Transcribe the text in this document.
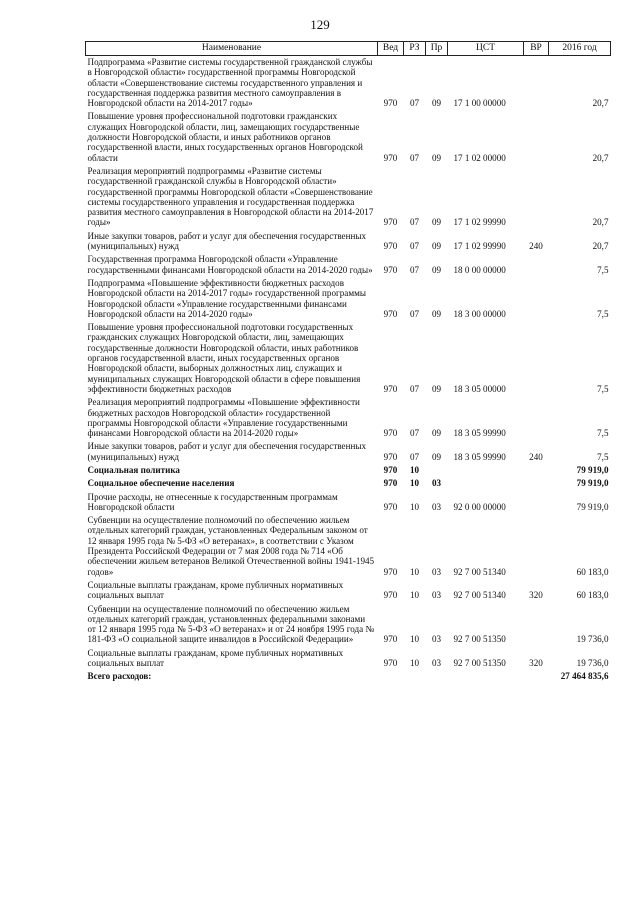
129
Наименование	Вед	РЗ	Пр	ЦСТ	ВР	2016 год
Подпрограмма «Развитие системы государственной гражданской службы в Новгородской области» государственной программы Новгородской области «Совершенствование системы государственного управления и государственная поддержка развития местного самоуправления в Новгородской области на 2014-2017 годы»	970	07	09	17 1 00 00000		20,7
Повышение уровня профессиональной подготовки гражданских служащих Новгородской области, лиц, замещающих государственные должности Новгородской области, и иных работников органов государственной власти, иных государственных органов Новгородской области	970	07	09	17 1 02 00000		20,7
Реализация мероприятий подпрограммы «Развитие системы государственной гражданской службы в Новгородской области» государственной программы Новгородской области «Совершенствование системы государственного управления и государственная поддержка развития местного самоуправления в Новгородской области на 2014-2017 годы»	970	07	09	17 1 02 99990		20,7
Иные закупки товаров, работ и услуг для обеспечения государственных (муниципальных) нужд	970	07	09	17 1 02 99990	240	20,7
Государственная программа Новгородской области «Управление государственными финансами Новгородской области на 2014-2020 годы»	970	07	09	18 0 00 00000		7,5
Подпрограмма «Повышение эффективности бюджетных расходов Новгородской области на 2014-2017 годы» государственной программы Новгородской области «Управление государственными финансами Новгородской области на 2014-2020 годы»	970	07	09	18 3 00 00000		7,5
Повышение уровня профессиональной подготовки государственных гражданских служащих Новгородской области, лиц, замещающих государственные должности Новгородской области, иных работников органов государственной власти, иных государственных органов Новгородской области, выборных должностных лиц, служащих и муниципальных служащих Новгородской области в сфере повышения эффективности бюджетных расходов	970	07	09	18 3 05 00000		7,5
Реализация мероприятий подпрограммы «Повышение эффективности бюджетных расходов Новгородской области» государственной программы Новгородской области «Управление государственными финансами Новгородской области на 2014-2020 годы»	970	07	09	18 3 05 99990		7,5
Иные закупки товаров, работ и услуг для обеспечения государственных (муниципальных) нужд	970	07	09	18 3 05 99990	240	7,5
Социальная политика	970	10				79 919,0
Социальное обеспечение населения	970	10	03			79 919,0
Прочие расходы, не отнесенные к государственным программам Новгородской области	970	10	03	92 0 00 00000		79 919,0
Субвенции на осуществление полномочий по обеспечению жильем отдельных категорий граждан, установленных Федеральным законом от 12 января 1995 года № 5-ФЗ «О ветеранах», в соответствии с Указом Президента Российской Федерации от 7 мая 2008 года № 714 «Об обеспечении жильем ветеранов Великой Отечественной войны 1941-1945 годов»	970	10	03	92 7 00 51340		60 183,0
Социальные выплаты гражданам, кроме публичных нормативных социальных выплат	970	10	03	92 7 00 51340	320	60 183,0
Субвенции на осуществление полномочий по обеспечению жильем отдельных категорий граждан, установленных федеральными законами от 12 января 1995 года № 5-ФЗ «О ветеранах» и от 24 ноября 1995 года № 181-ФЗ «О социальной защите инвалидов в Российской Федерации»	970	10	03	92 7 00 51350		19 736,0
Социальные выплаты гражданам, кроме публичных нормативных социальных выплат	970	10	03	92 7 00 51350	320	19 736,0
Всего расходов:						27 464 835,6
